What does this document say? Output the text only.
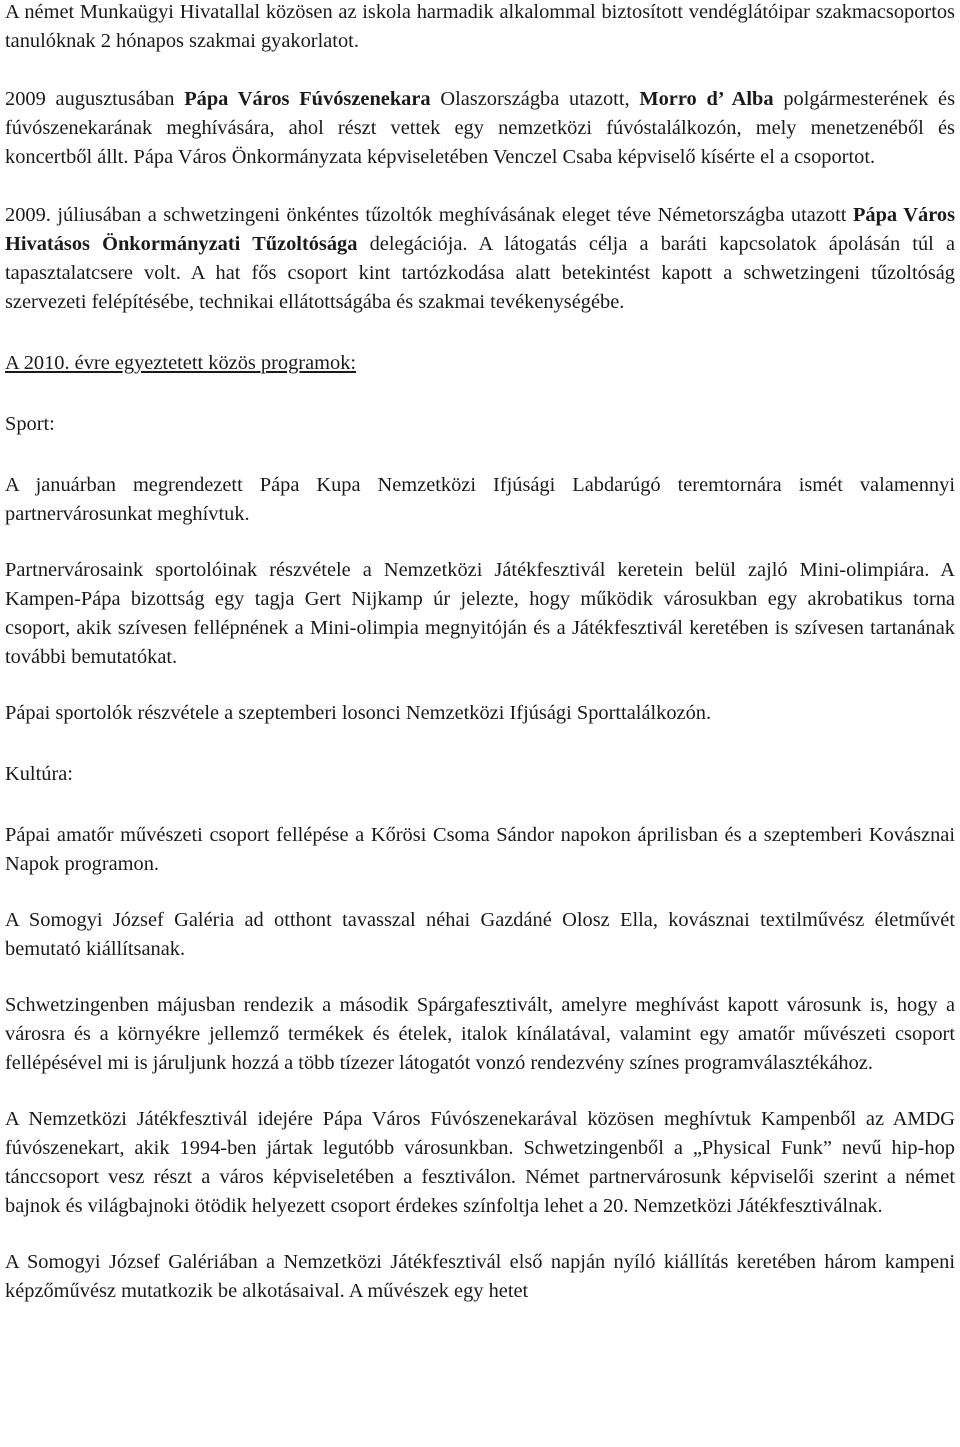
A német Munkaügyi Hivatallal közösen az iskola harmadik alkalommal biztosított vendéglátóipar szakmacsoportos tanulóknak 2 hónapos szakmai gyakorlatot.

2009 augusztusában Pápa Város Fúvószenekara Olaszországba utazott, Morro d’ Alba polgármesterének és fúvószenekarának meghívására, ahol részt vettek egy nemzetközi fúvóstalálkozón, mely menetzenéből és koncertből állt. Pápa Város Önkormányzata képviseletében Venczel Csaba képviselő kísérte el a csoportot.

2009. júliusában a schwetzingeni önkéntes tűzoltók meghívásának eleget téve Németországba utazott Pápa Város Hivatásos Önkormányzati Tűzoltósága delegációja. A látogatás célja a baráti kapcsolatok ápolásán túl a tapasztalatcsere volt. A hat fős csoport kint tartózkodása alatt betekintést kapott a schwetzingeni tűzoltóság szervezeti felépítésébe, technikai ellátottságába és szakmai tevékenységébe.

A 2010. évre egyeztetett közös programok:

Sport:

A januárban megrendezett Pápa Kupa Nemzetközi Ifjúsági Labdarúgó teremtornára ismét valamennyi partnervárosunkat meghívtuk.

Partnervárosaink sportolóinak részvétele a Nemzetközi Játékfesztivál keretein belül zajló Mini-olimpiára. A Kampen-Pápa bizottság egy tagja Gert Nijkamp úr jelezte, hogy működik városukban egy akrobatikus torna csoport, akik szívesen fellépnének a Mini-olimpia megnyitóján és a Játékfesztivál keretében is szívesen tartanának további bemutatókat.

Pápai sportolók részvétele a szeptemberi losonci Nemzetközi Ifjúsági Sporttalálkozón.

Kultúra:

Pápai amatőr művészeti csoport fellépése a Kőrösi Csoma Sándor napokon áprilisban és a szeptemberi Kovásznai Napok programon.

A Somogyi József Galéria ad otthont tavasszal néhai Gazdáné Olosz Ella, kovásznai textilművész életművét bemutató kiállítsanak.

Schwetzingenben májusban rendezik a második Spárgafesztivált, amelyre meghívást kapott városunk is, hogy a városra és a környékre jellemző termékek és ételek, italok kínálatával, valamint egy amatőr művészeti csoport fellépésével mi is járuljunk hozzá a több tízezer látogatót vonzó rendezvény színes programválasztékához.

A Nemzetközi Játékfesztivál idejére Pápa Város Fúvószenekarával közösen meghívtuk Kampenből az AMDG fúvószenekart, akik 1994-ben jártak legutóbb városunkban. Schwetzingenből a „Physical Funk” nevű hip-hop tánccsoport vesz részt a város képviseletében a fesztiválon. Német partnervárosunk képviselői szerint a német bajnok és világbajnoki ötödik helyezett csoport érdekes színfoltja lehet a 20. Nemzetközi Játékfesztiválnak.

A Somogyi József Galériában a Nemzetközi Játékfesztivál első napján nyíló kiállítás keretében három kampeni képzőművész mutatkozik be alkotásaival. A művészek egy hetet
